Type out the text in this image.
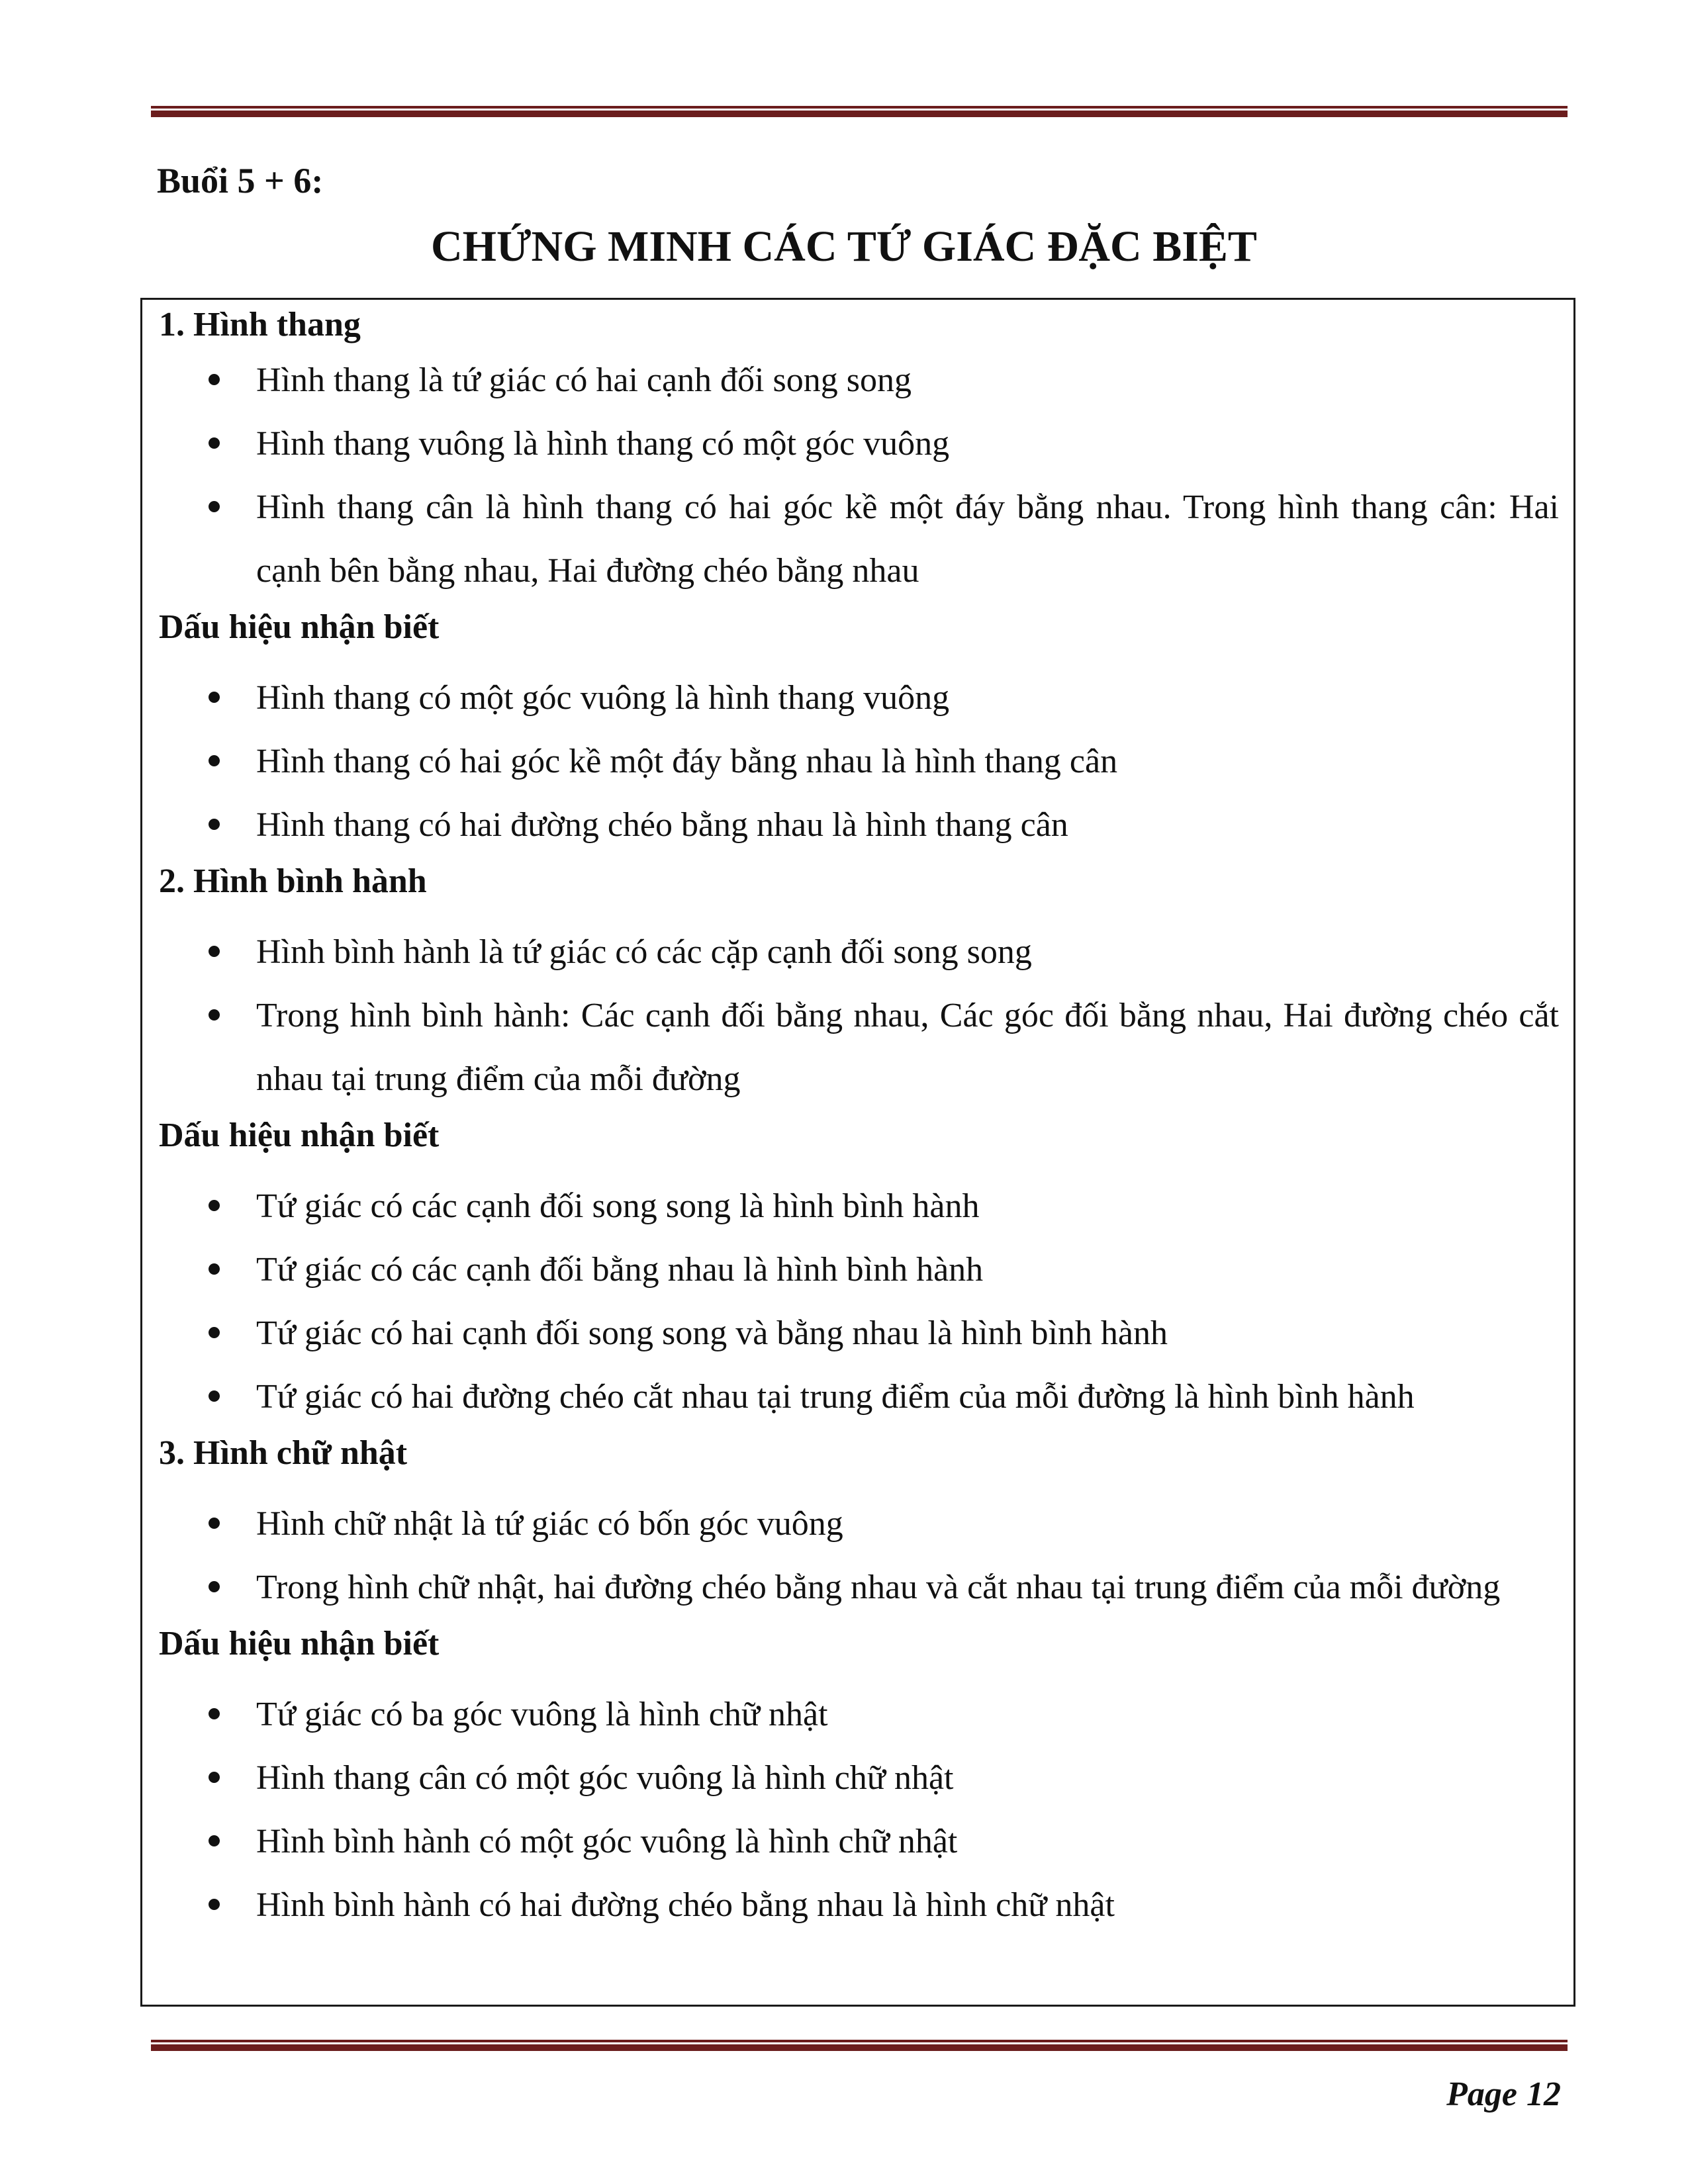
Buổi 5 + 6:
CHỨNG MINH CÁC TỨ GIÁC ĐẶC BIỆT
1. Hình thang
Hình thang là tứ giác có hai cạnh đối song song
Hình thang vuông là hình thang có một góc vuông
Hình thang cân là hình thang có hai góc kề một đáy bằng nhau. Trong hình thang cân: Hai cạnh bên bằng nhau, Hai đường chéo bằng nhau
Dấu hiệu nhận biết
Hình thang có một góc vuông là hình thang vuông
Hình thang có hai góc kề một đáy bằng nhau là hình thang cân
Hình thang có hai đường chéo bằng nhau là hình thang cân
2. Hình bình hành
Hình bình hành là tứ giác có các cặp cạnh đối song song
Trong hình bình hành: Các cạnh đối bằng nhau, Các góc đối bằng nhau, Hai đường chéo cắt nhau tại trung điểm của mỗi đường
Dấu hiệu nhận biết
Tứ giác có các cạnh đối song song là hình bình hành
Tứ giác có các cạnh đối bằng nhau là hình bình hành
Tứ giác có hai cạnh đối song song và bằng nhau là hình bình hành
Tứ giác có hai đường chéo cắt nhau tại trung điểm của mỗi đường là hình bình hành
3. Hình chữ nhật
Hình chữ nhật là tứ giác có bốn góc vuông
Trong hình chữ nhật, hai đường chéo bằng nhau và cắt nhau tại trung điểm của mỗi đường
Dấu hiệu nhận biết
Tứ giác có ba góc vuông là hình chữ nhật
Hình thang cân có một góc vuông là hình chữ nhật
Hình bình hành có một góc vuông là hình chữ nhật
Hình bình hành có hai đường chéo bằng nhau là hình chữ nhật
Page 12
